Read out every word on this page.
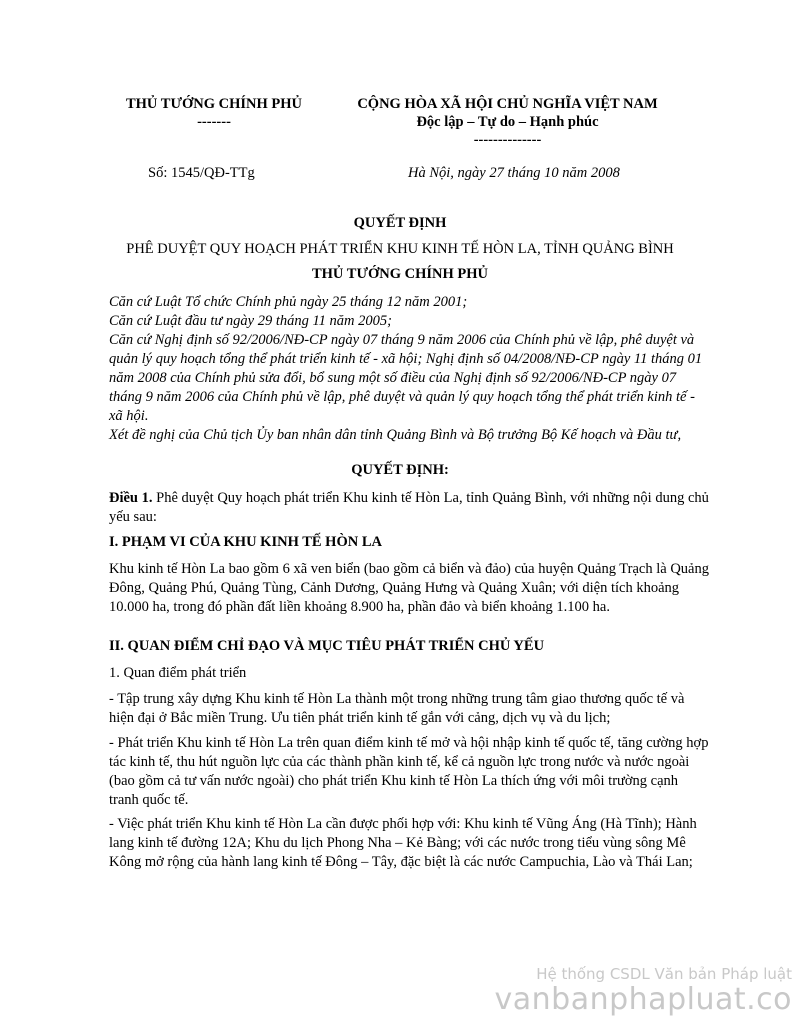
THỦ TƯỚNG CHÍNH PHỦ
-------
CỘNG HÒA XÃ HỘI CHỦ NGHĨA VIỆT NAM
Độc lập – Tự do – Hạnh phúc
--------------
Số: 1545/QĐ-TTg	Hà Nội, ngày 27 tháng 10 năm 2008
QUYẾT ĐỊNH
PHÊ DUYỆT QUY HOẠCH PHÁT TRIỂN KHU KINH TẾ HÒN LA, TỈNH QUẢNG BÌNH
THỦ TƯỚNG CHÍNH PHỦ

Căn cứ Luật Tổ chức Chính phủ ngày 25 tháng 12 năm 2001;

Căn cứ Luật đầu tư ngày 29 tháng 11 năm 2005;

Căn cứ Nghị định số 92/2006/NĐ-CP ngày 07 tháng 9 năm 2006 của Chính phủ về lập, phê duyệt và quản lý quy hoạch tổng thể phát triển kinh tế - xã hội; Nghị định số 04/2008/NĐ-CP ngày 11 tháng 01 năm 2008 của Chính phủ sửa đổi, bổ sung một số điều của Nghị định số 92/2006/NĐ-CP ngày 07 tháng 9 năm 2006 của Chính phủ về lập, phê duyệt và quản lý quy hoạch tổng thể phát triển kinh tế - xã hội.

Xét đề nghị của Chủ tịch Ủy ban nhân dân tỉnh Quảng Bình và Bộ trưởng Bộ Kế hoạch và Đầu tư,

QUYẾT ĐỊNH:

Điều 1. Phê duyệt Quy hoạch phát triển Khu kinh tế Hòn La, tỉnh Quảng Bình, với những nội dung chủ yếu sau:

I. PHẠM VI CỦA KHU KINH TẾ HÒN LA
Khu kinh tế Hòn La bao gồm 6 xã ven biển (bao gồm cả biển và đảo) của huyện Quảng Trạch là Quảng Đông, Quảng Phú, Quảng Tùng, Cảnh Dương, Quảng Hưng và Quảng Xuân; với diện tích khoảng 10.000 ha, trong đó phần đất liền khoảng 8.900 ha, phần đảo và biển khoảng 1.100 ha.
II. QUAN ĐIỂM CHỈ ĐẠO VÀ MỤC TIÊU PHÁT TRIỂN CHỦ YẾU
1. Quan điểm phát triển
- Tập trung xây dựng Khu kinh tế Hòn La thành một trong những trung tâm giao thương quốc tế và hiện đại ở Bắc miền Trung. Ưu tiên phát triển kinh tế gắn với cảng, dịch vụ và du lịch;
- Phát triển Khu kinh tế Hòn La trên quan điểm kinh tế mở và hội nhập kinh tế quốc tế, tăng cường hợp tác kinh tế, thu hút nguồn lực của các thành phần kinh tế, kể cả nguồn lực trong nước và nước ngoài (bao gồm cả tư vấn nước ngoài) cho phát triển Khu kinh tế Hòn La thích ứng với môi trường cạnh tranh quốc tế.
- Việc phát triển Khu kinh tế Hòn La cần được phối hợp với: Khu kinh tế Vũng Áng (Hà Tĩnh); Hành lang kinh tế đường 12A; Khu du lịch Phong Nha – Kẻ Bàng; với các nước trong tiểu vùng sông Mê Kông mở rộng của hành lang kinh tế Đông – Tây, đặc biệt là các nước Campuchia, Lào và Thái Lan;
Hệ thống CSDL Văn bản Pháp luật
vanbanphapluat.co
